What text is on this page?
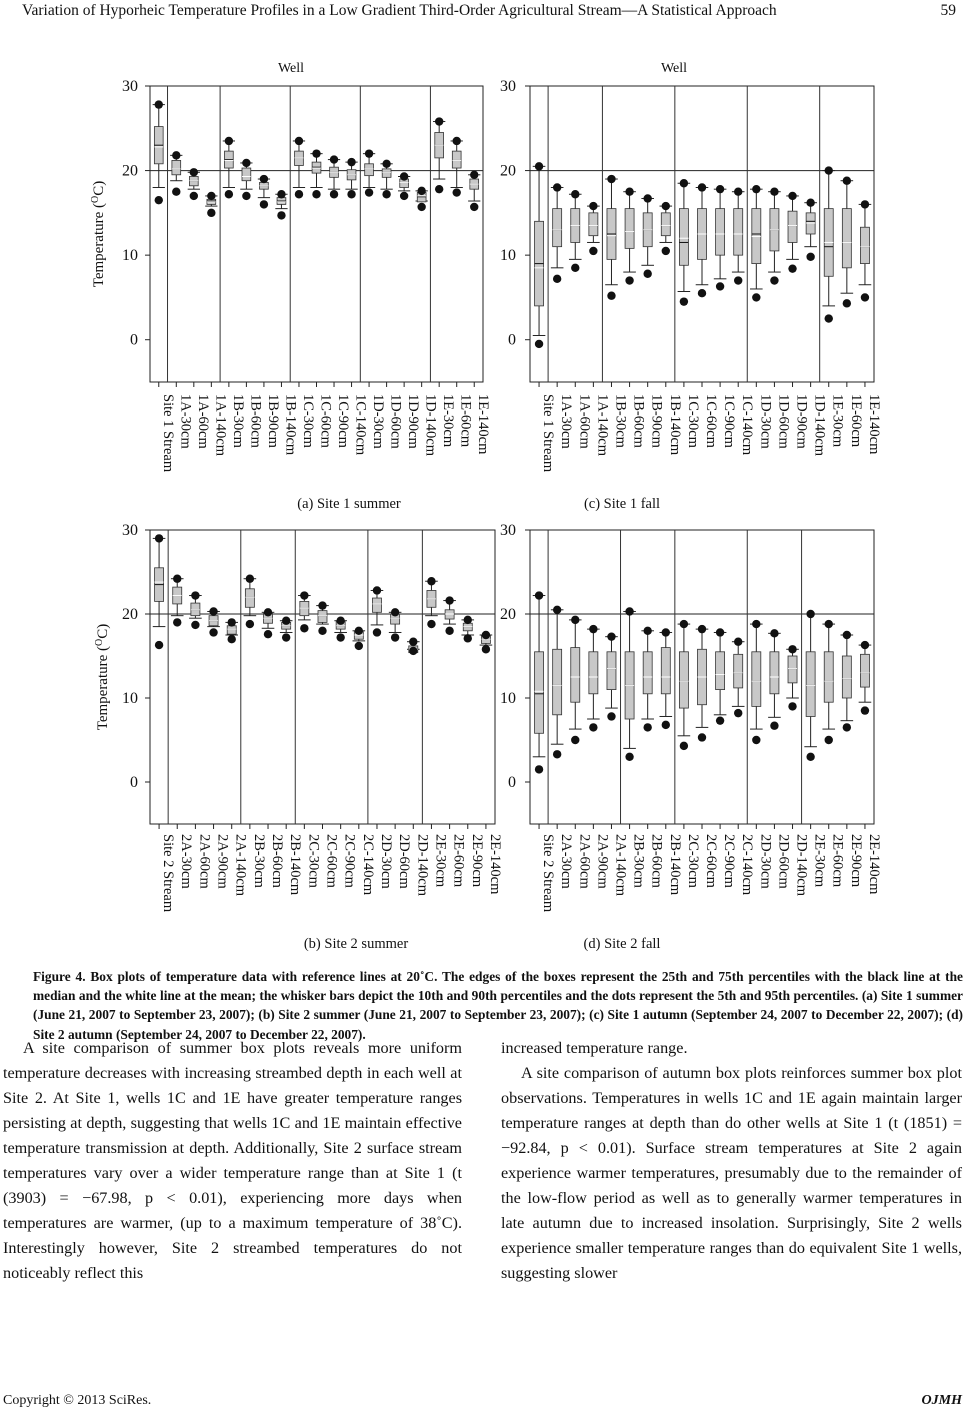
Variation of Hyporheic Temperature Profiles in a Low Gradient Third-Order Agricultural Stream—A Statistical Approach	59
0
10
20
30
Site 1 Stream 1A-30cm 1A-60cm 1A-140cm 1B-30cm 1B-60cm 1B-90cm 1B-140cm 1C-30cm 1C-60cm 1C-90cm 1C-140cm 1D-30cm 1D-60cm 1D-90cm 1D-140cm 1E-30cm 1E-60cm 1E-140cm
Temperature ($^O$C)
Well
(a) Site 1 summer
0
10
20
30
Site 1 Stream 1A-30cm 1A-60cm 1A-140cm 1B-30cm 1B-60cm 1B-90cm 1B-140cm 1C-30cm 1C-60cm 1C-90cm 1C-140cm 1D-30cm 1D-60cm 1D-90cm 1D-140cm 1E-30cm 1E-60cm 1E-140cm
Well
(c) Site 1 fall
0
10
20
30
Site 2 Stream 2A-30cm 2A-60cm 2A-90cm 2A-140cm 2B-30cm 2B-60cm 2B-140cm 2C-30cm 2C-60cm 2C-90cm 2C-140cm 2D-30cm 2D-60cm 2D-140cm 2E-30cm 2E-60cm 2E-90cm 2E-140cm
Temperature ($^O$C)
(b) Site 2 summer
0
10
20
30
Site 2 Stream 2A-30cm 2A-60cm 2A-90cm 2A-140cm 2B-30cm 2B-60cm 2B-140cm 2C-30cm 2C-60cm 2C-90cm 2C-140cm 2D-30cm 2D-60cm 2D-140cm 2E-30cm 2E-60cm 2E-90cm 2E-140cm
(d) Site 2 fall
Figure 4. Box plots of temperature data with reference lines at 20˚C. The edges of the boxes represent the 25th and 75th percentiles with the black line at the median and the white line at the mean; the whisker bars depict the 10th and 90th percentiles and the dots represent the 5th and 95th percentiles. (a) Site 1 summer (June 21, 2007 to September 23, 2007); (b) Site 2 summer (June 21, 2007 to September 23, 2007); (c) Site 1 autumn (September 24, 2007 to December 22, 2007); (d) Site 2 autumn (September 24, 2007 to December 22, 2007).

A site comparison of summer box plots reveals more uniform temperature decreases with increasing streambed depth in each well at Site 2. At Site 1, wells 1C and 1E have greater temperature ranges persisting at depth, suggesting that wells 1C and 1E maintain effective temperature transmission at depth. Additionally, Site 2 surface stream temperatures vary over a wider temperature range than at Site 1 (t (3903) = −67.98, p < 0.01), experiencing more days when temperatures are warmer, (up to a maximum temperature of 38˚C). Interestingly however, Site 2 streambed temperatures do not noticeably reflect this

increased temperature range.

A site comparison of autumn box plots reinforces summer box plot observations. Temperatures in wells 1C and 1E again maintain larger temperature ranges at depth than do other wells at Site 1 (t (1851) = −92.84, p < 0.01). Surface stream temperatures at Site 2 again experience warmer temperatures, presumably due to the remainder of the low-flow period as well as to generally warmer temperatures in late autumn due to increased insolation. Surprisingly, Site 2 wells experience smaller temperature ranges than do equivalent Site 1 wells, suggesting slower

Copyright © 2013 SciRes.	OJMH
